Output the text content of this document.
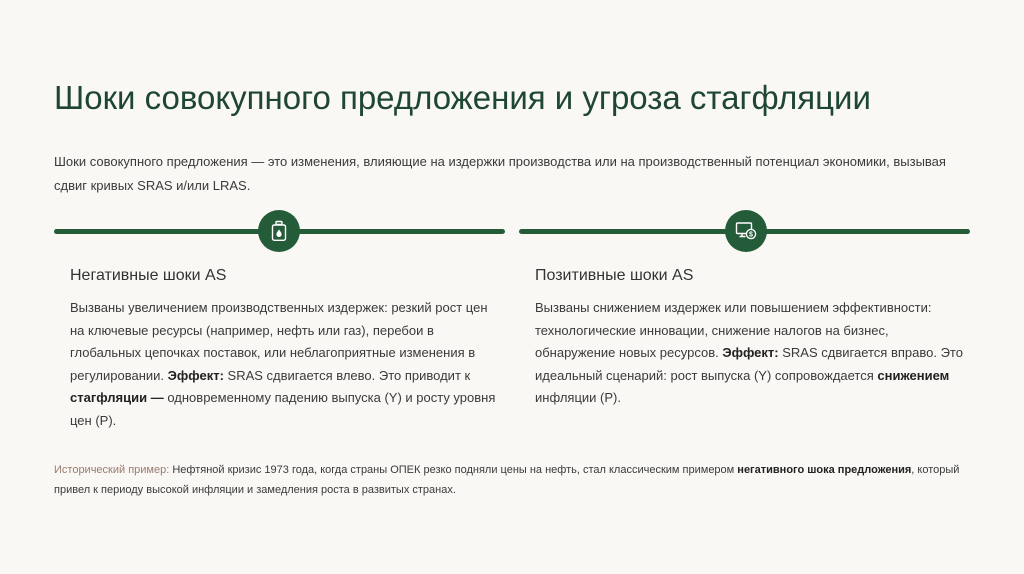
Шоки совокупного предложения и угроза стагфляции

Шоки совокупного предложения — это изменения, влияющие на издержки производства или на производственный потенциал экономики, вызывая сдвиг кривых SRAS и/или LRAS.

Негативные шоки AS

Вызваны увеличением производственных издержек: резкий рост цен на ключевые ресурсы (например, нефть или газ), перебои в глобальных цепочках поставок, или неблагоприятные изменения в регулировании. Эффект: SRAS сдвигается влево. Это приводит к стагфляции — одновременному падению выпуска (Y) и росту уровня цен (P).

$
Позитивные шоки AS

Вызваны снижением издержек или повышением эффективности: технологические инновации, снижение налогов на бизнес, обнаружение новых ресурсов. Эффект: SRAS сдвигается вправо. Это идеальный сценарий: рост выпуска (Y) сопровождается снижением инфляции (P).

Исторический пример: Нефтяной кризис 1973 года, когда страны ОПЕК резко подняли цены на нефть, стал классическим примером негативного шока предложения, который привел к периоду высокой инфляции и замедления роста в развитых странах.
